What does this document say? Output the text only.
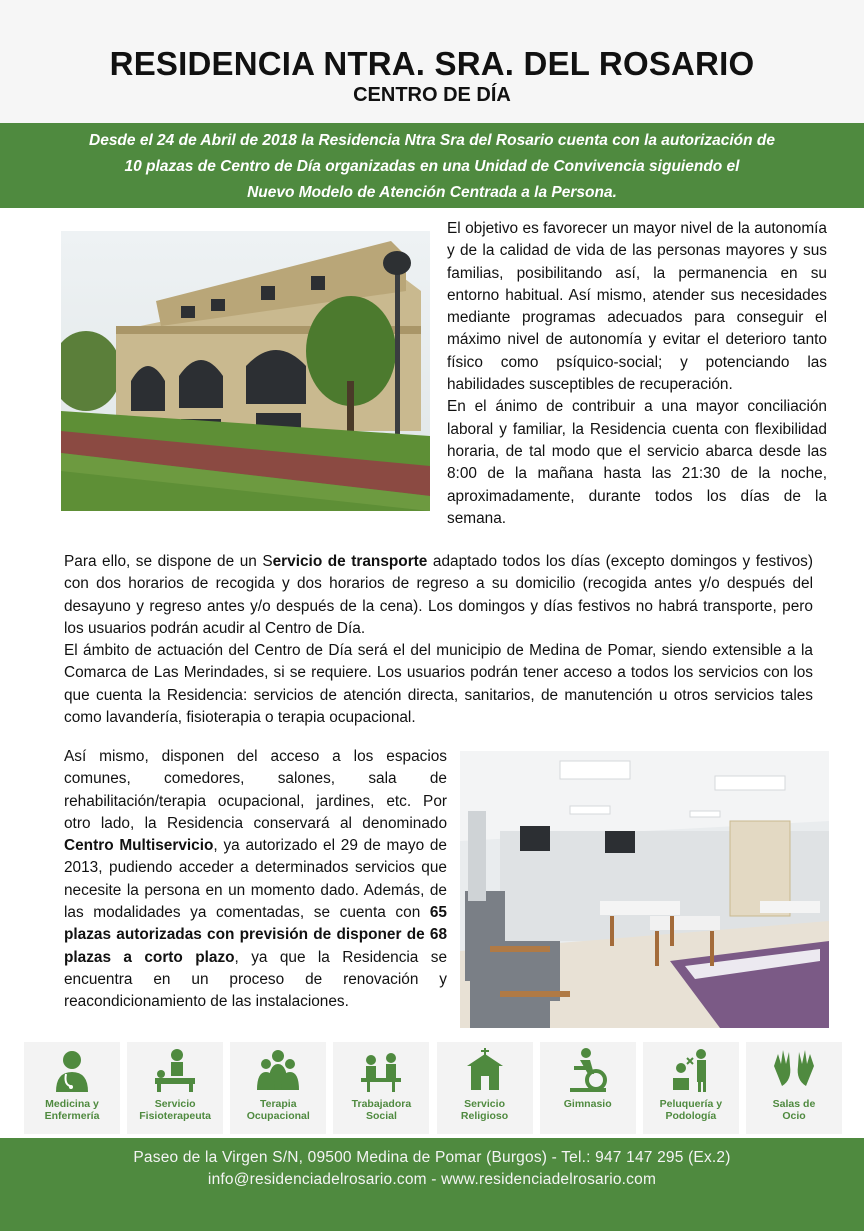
RESIDENCIA NTRA. SRA. DEL ROSARIO
CENTRO DE DÍA
Desde el 24 de Abril de 2018 la Residencia Ntra Sra del Rosario cuenta con la autorización de
10 plazas de Centro de Día organizadas en una Unidad de Convivencia siguiendo el
Nuevo Modelo de Atención Centrada a la Persona.

El objetivo es favorecer un mayor nivel de la autonomía y de la calidad de vida de las personas mayores y sus familias, posibilitando así, la permanencia en su entorno habitual. Así mismo, atender sus necesidades mediante programas adecuados para conseguir el máximo nivel de autonomía y evitar el deterioro tanto físico como psíquico-social; y potenciando las habilidades susceptibles de recuperación.

En el ánimo de contribuir a una mayor conciliación laboral y familiar, la Residencia cuenta con flexibilidad horaria, de tal modo que el servicio abarca desde las 8:00 de la mañana hasta las 21:30 de la noche, aproximadamente, durante todos los días de la semana.

Para ello, se dispone de un Servicio de transporte adaptado todos los días (excepto domingos y festivos) con dos horarios de recogida y dos horarios de regreso a su domicilio (recogida antes y/o después del desayuno y regreso antes y/o después de la cena). Los domingos y días festivos no habrá transporte, pero los usuarios podrán acudir al Centro de Día.

El ámbito de actuación del Centro de Día será el del municipio de Medina de Pomar, siendo extensible a la Comarca de Las Merindades, si se requiere. Los usuarios podrán tener acceso a todos los servicios con los que cuenta la Residencia: servicios de atención directa, sanitarios, de manutención u otros servicios tales como lavandería, fisioterapia o terapia ocupacional.

Así mismo, disponen del acceso a los espacios comunes, comedores, salones, sala de rehabilitación/terapia ocupacional, jardines, etc. Por otro lado, la Residencia conservará al denominado Centro Multiservicio, ya autorizado el 29 de mayo de 2013, pudiendo acceder a determinados servicios que necesite la persona en un momento dado. Además, de las modalidades ya comentadas, se cuenta con 65 plazas autorizadas con previsión de disponer de 68 plazas a corto plazo, ya que la Residencia se encuentra en un proceso de renovación y reacondicionamiento de las instalaciones.

Medicina y
Enfermería
Servicio
Fisioterapeuta
Terapia
Ocupacional
Trabajadora
Social
Servicio
Religioso
Gimnasio	Peluquería y
Podología
Salas de
Ocio
Paseo de la Virgen S/N, 09500 Medina de Pomar (Burgos) - Tel.: 947 147 295 (Ex.2)
info@residenciadelrosario.com - www.residenciadelrosario.com
